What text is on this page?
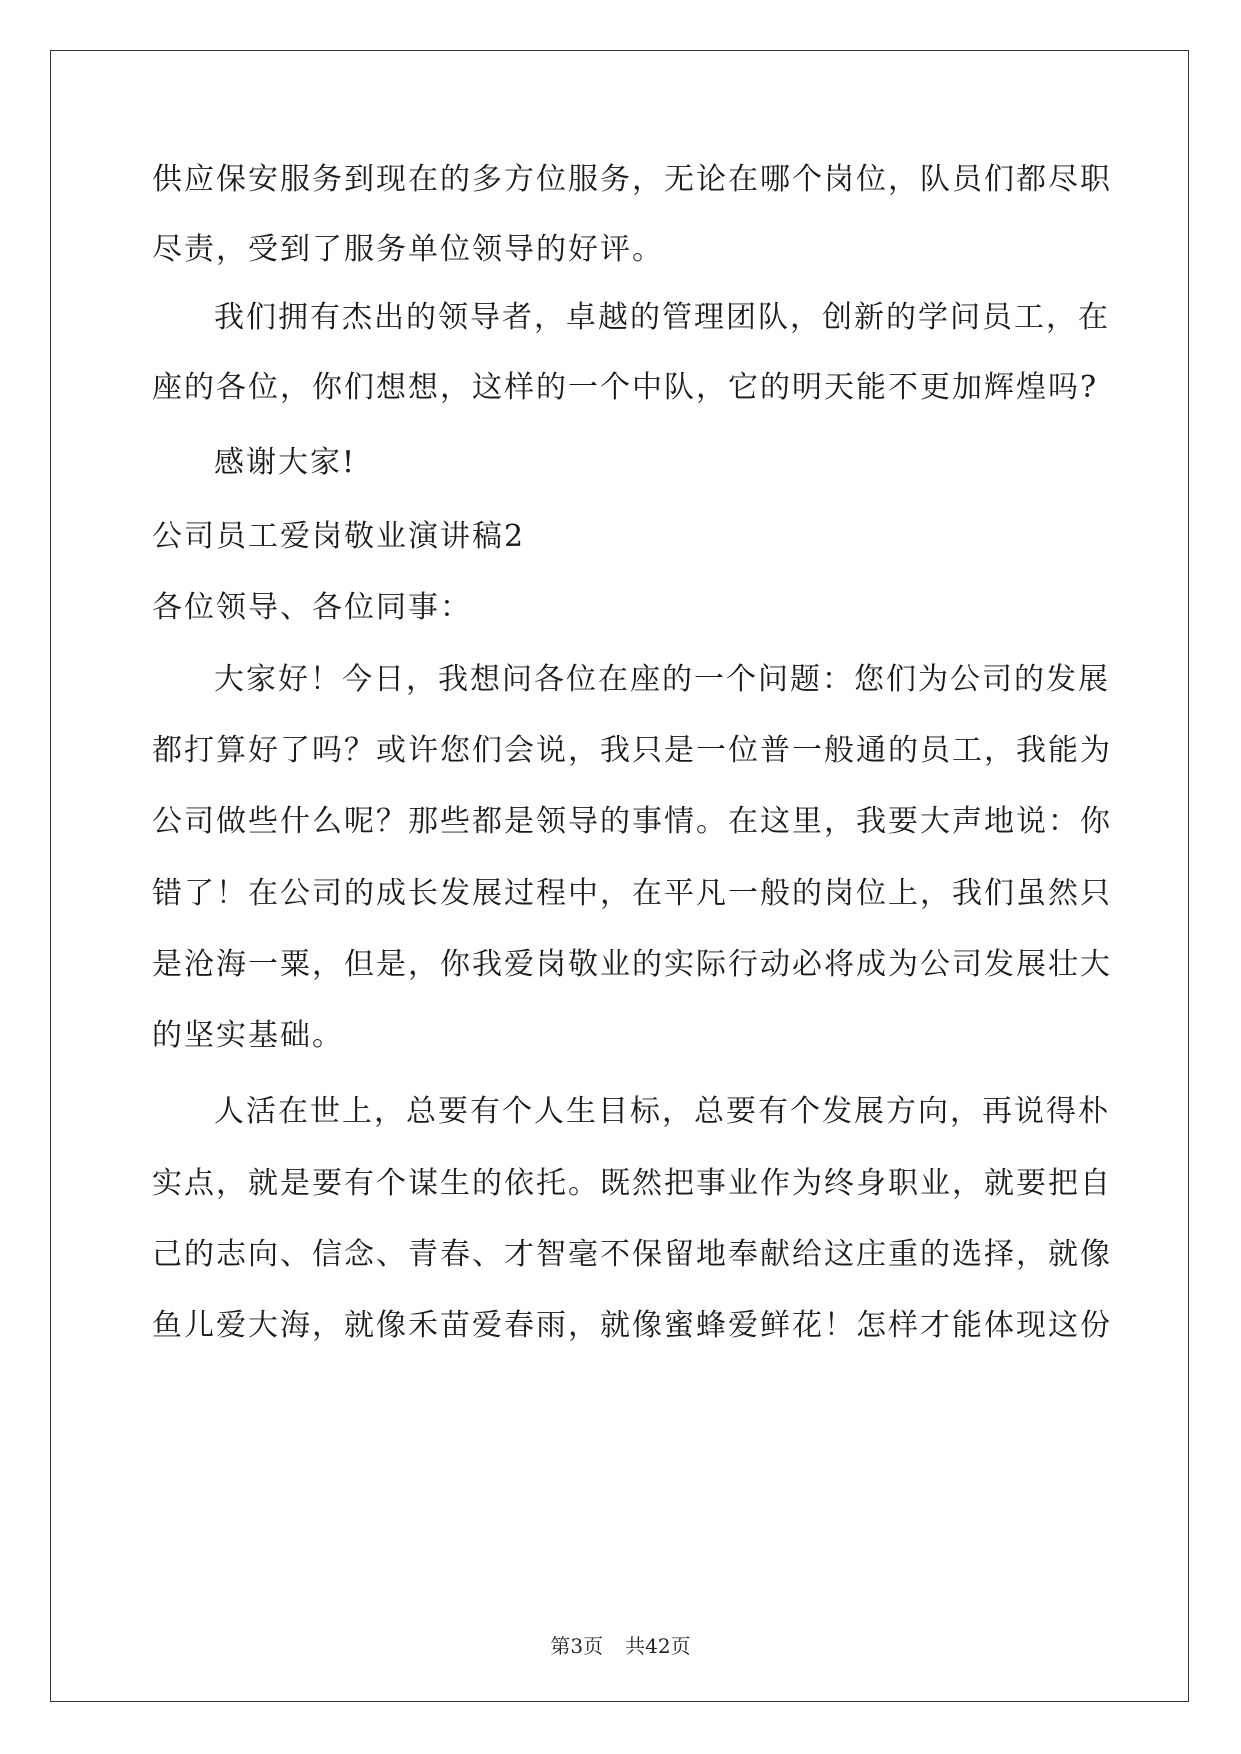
供应保安服务到现在的多方位服务，无论在哪个岗位，队员们都尽职
尽责，受到了服务单位领导的好评。
我们拥有杰出的领导者，卓越的管理团队，创新的学问员工，在
座的各位，你们想想，这样的一个中队，它的明天能不更加辉煌吗?
感谢大家!
公司员工爱岗敬业演讲稿2
各位领导、各位同事：
大家好！今日，我想问各位在座的一个问题：您们为公司的发展
都打算好了吗？或许您们会说，我只是一位普一般通的员工，我能为
公司做些什么呢？那些都是领导的事情。在这里，我要大声地说：你
错了！在公司的成长发展过程中，在平凡一般的岗位上，我们虽然只
是沧海一粟，但是，你我爱岗敬业的实际行动必将成为公司发展壮大
的坚实基础。
人活在世上，总要有个人生目标，总要有个发展方向，再说得朴
实点，就是要有个谋生的依托。既然把事业作为终身职业，就要把自
己的志向、信念、青春、才智毫不保留地奉献给这庄重的选择，就像
鱼儿爱大海，就像禾苗爱春雨，就像蜜蜂爱鲜花！怎样才能体现这份
第3页 共42页
